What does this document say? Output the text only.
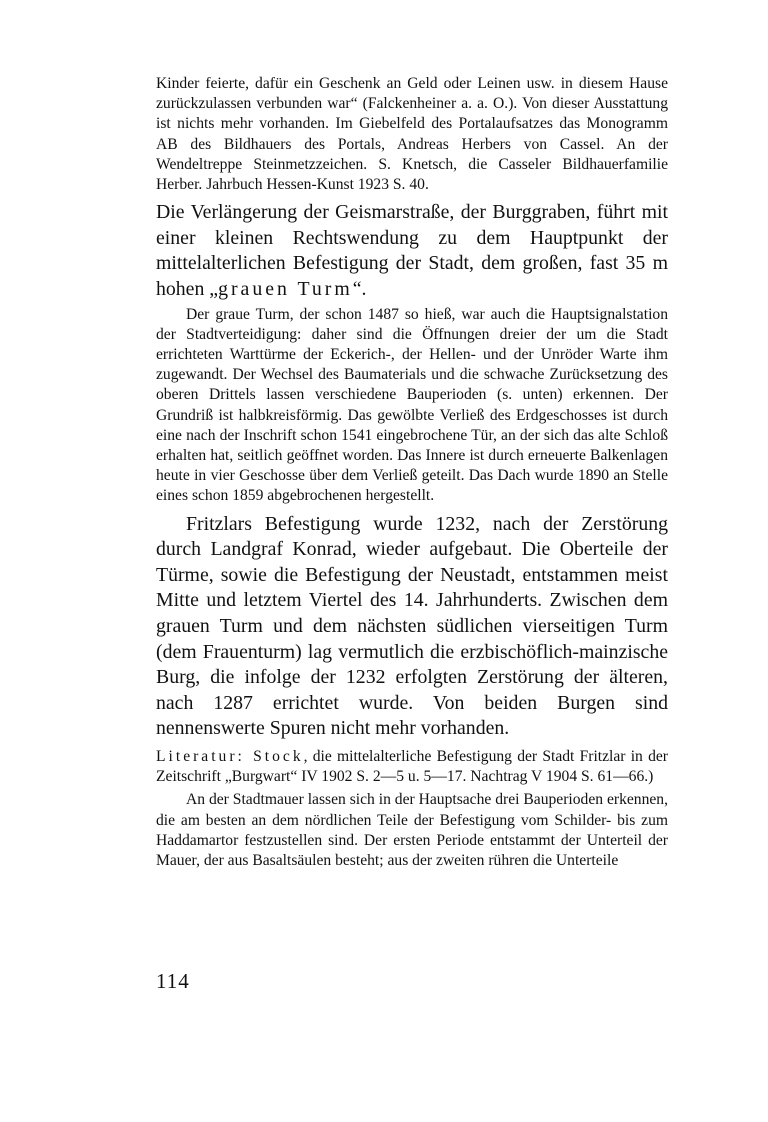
Kinder feierte, dafür ein Geschenk an Geld oder Leinen usw. in diesem Hause zurückzulassen verbunden war“ (Falckenheiner a. a. O.). Von dieser Ausstattung ist nichts mehr vorhanden. Im Giebelfeld des Portalaufsatzes das Monogramm AB des Bildhauers des Portals, Andreas Herbers von Cassel. An der Wendeltreppe Steinmetzzeichen. S. Knetsch, die Casseler Bildhauerfamilie Herber. Jahrbuch Hessen-Kunst 1923 S. 40.

Die Verlängerung der Geismarstraße, der Burggraben, führt mit einer kleinen Rechtswendung zu dem Hauptpunkt der mittelalterlichen Befestigung der Stadt, dem großen, fast 35 m hohen „grauen Turm“.

Der graue Turm, der schon 1487 so hieß, war auch die Hauptsignalstation der Stadtverteidigung: daher sind die Öffnungen dreier der um die Stadt errichteten Warttürme der Eckerich-, der Hellen- und der Unröder Warte ihm zugewandt. Der Wechsel des Baumaterials und die schwache Zurücksetzung des oberen Drittels lassen verschiedene Bauperioden (s. unten) erkennen. Der Grundriß ist halbkreisförmig. Das gewölbte Verließ des Erdgeschosses ist durch eine nach der Inschrift schon 1541 eingebrochene Tür, an der sich das alte Schloß erhalten hat, seitlich geöffnet worden. Das Innere ist durch erneuerte Balkenlagen heute in vier Geschosse über dem Verließ geteilt. Das Dach wurde 1890 an Stelle eines schon 1859 abgebrochenen hergestellt.

Fritzlars Befestigung wurde 1232, nach der Zerstörung durch Landgraf Konrad, wieder aufgebaut. Die Oberteile der Türme, sowie die Befestigung der Neustadt, entstammen meist Mitte und letztem Viertel des 14. Jahrhunderts. Zwischen dem grauen Turm und dem nächsten südlichen vierseitigen Turm (dem Frauenturm) lag vermutlich die erzbischöflich-mainzische Burg, die infolge der 1232 erfolgten Zerstörung der älteren, nach 1287 errichtet wurde. Von beiden Burgen sind nennenswerte Spuren nicht mehr vorhanden.

Literatur: Stock, die mittelalterliche Befestigung der Stadt Fritzlar in der Zeitschrift „Burgwart“ IV 1902 S. 2—5 u. 5—17. Nachtrag V 1904 S. 61—66.)

An der Stadtmauer lassen sich in der Hauptsache drei Bauperioden erkennen, die am besten an dem nördlichen Teile der Befestigung vom Schilder- bis zum Haddamartor festzustellen sind. Der ersten Periode entstammt der Unterteil der Mauer, der aus Basaltsäulen besteht; aus der zweiten rühren die Unterteile

114
